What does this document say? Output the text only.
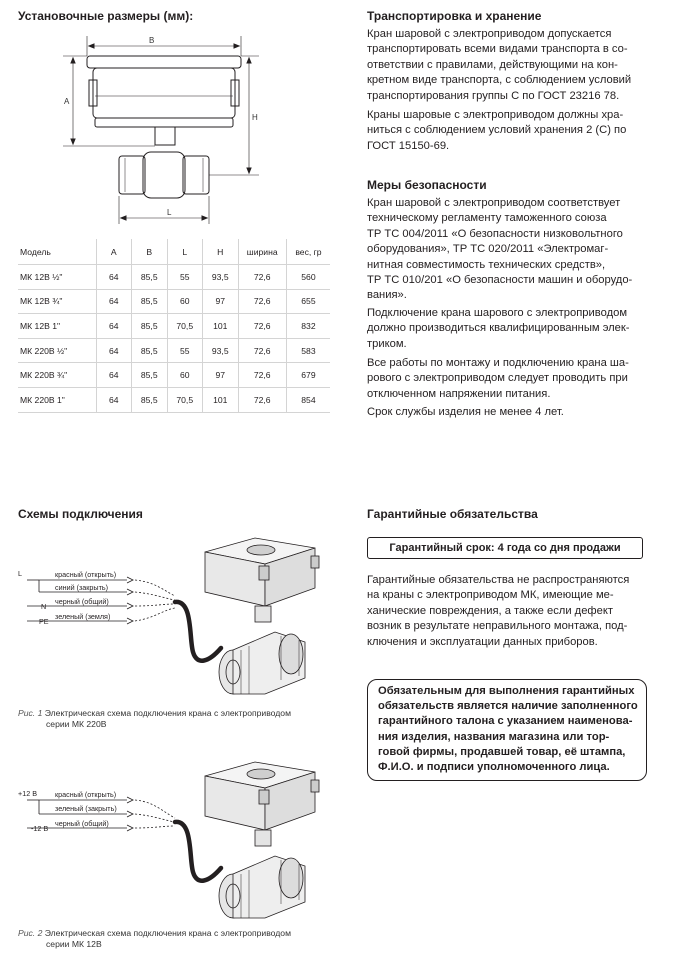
Установочные размеры (мм):
B
A
H
L
Модель	A	B	L	H	ширина	вес, гр
МК 12В ½"	64	85,5	55	93,5	72,6	560
МК 12В ¾"	64	85,5	60	97	72,6	655
МК 12В 1"	64	85,5	70,5	101	72,6	832
МК 220В ½"	64	85,5	55	93,5	72,6	583
МК 220В ¾"	64	85,5	60	97	72,6	679
МК 220В 1"	64	85,5	70,5	101	72,6	854
Транспортировка и хранение
Кран шаровой с электроприводом допускается
транспортировать всеми видами транспорта в со-
ответствии с правилами, действующими на кон-
кретном виде транспорта, с соблюдением условий
транспортирования группы С по ГОСТ 23216 78.
Краны шаровые с электроприводом должны хра-
ниться с соблюдением условий хранения 2 (С) по
ГОСТ 15150-69.
Меры безопасности
Кран шаровой с электроприводом соответствует
техническому регламенту таможенного союза
ТР ТС 004/2011 «О безопасности низковольтного
оборудования», ТР ТС 020/2011 «Электромаг-
нитная совместимость технических средств»,
ТР ТС 010/201 «О безопасности машин и оборудо-
вания».
Подключение крана шарового с электроприводом
должно производиться квалифицированным элек-
триком.
Все работы по монтажу и подключению крана ша-
рового с электроприводом следует проводить при
отключенном напряжении питания.
Срок службы изделия не менее 4 лет.
Схемы подключения
L
N
PE
красный (открыть)
синий (закрыть)
черный (общий)
зеленый (земля)
Рис. 1 Электрическая схема подключения крана с электроприводом
серии МК 220В
+12 В
-12 В
красный (открыть)
зеленый (закрыть)
черный (общий)
Рис. 2 Электрическая схема подключения крана с электроприводом
серии МК 12В
Гарантийные обязательства
Гарантийный срок: 4 года со дня продажи
Гарантийные обязательства не распространяются
на краны с электроприводом МК, имеющие ме-
ханические повреждения, а также если дефект
возник в результате неправильного монтажа, под-
ключения и эксплуатации данных приборов.
Обязательным для выполнения гарантийных
обязательств является наличие заполненного
гарантийного талона с указанием наименова-
ния изделия, названия магазина или тор-
говой фирмы, продавшей товар, её штампа,
Ф.И.О. и подписи уполномоченного лица.
